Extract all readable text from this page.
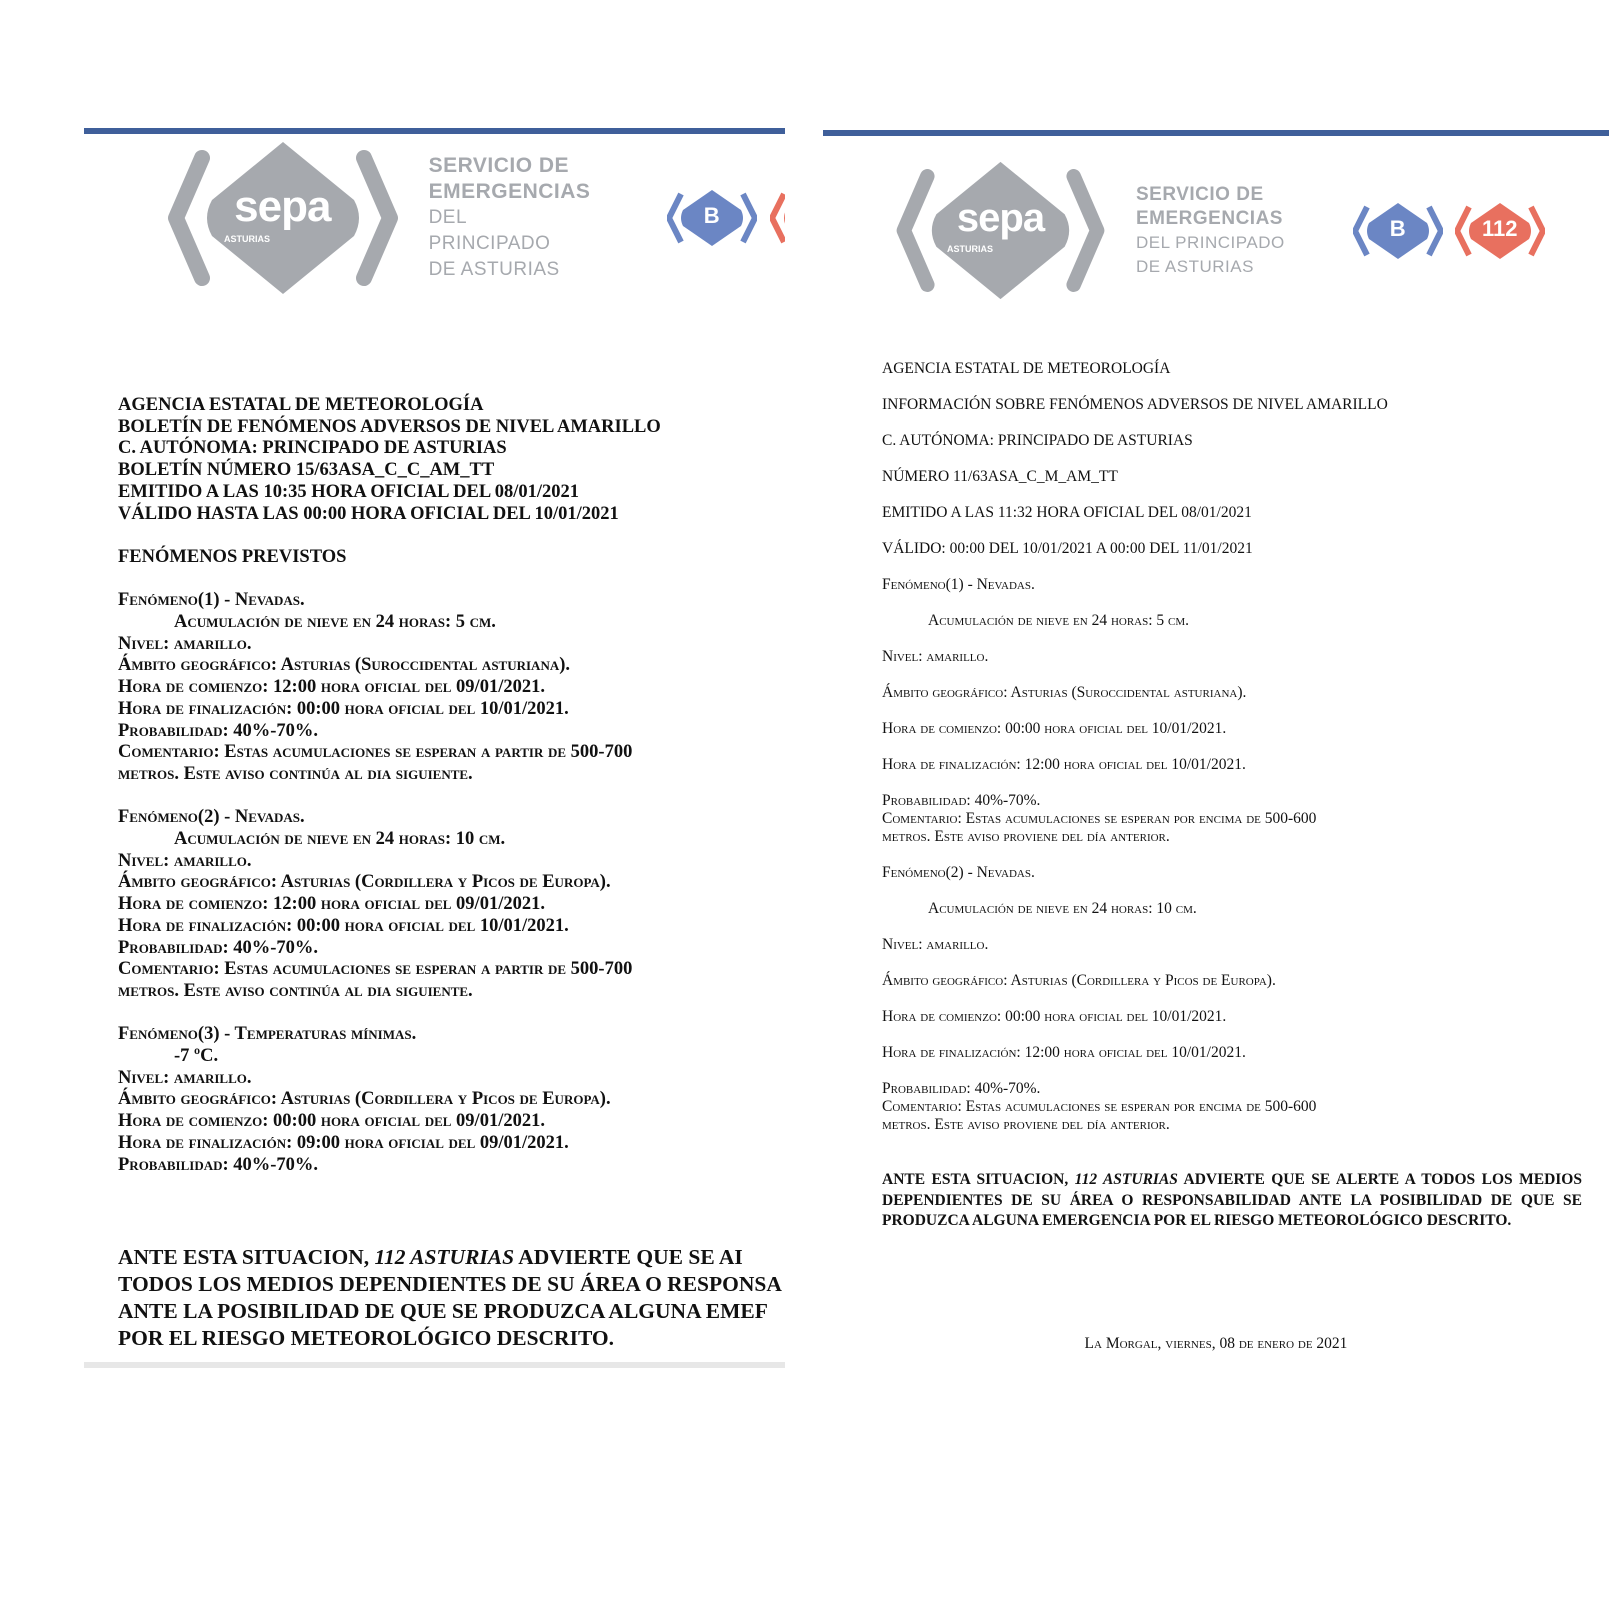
sepa
ASTURIAS
SERVICIO DE
EMERGENCIAS
DEL PRINCIPADO
DE ASTURIAS
B

AGENCIA ESTATAL DE METEOROLOGÍA

BOLETÍN DE FENÓMENOS ADVERSOS DE NIVEL AMARILLO

C. AUTÓNOMA: PRINCIPADO DE ASTURIAS

BOLETÍN NÚMERO 15/63ASA_C_C_AM_TT

EMITIDO A LAS 10:35 HORA OFICIAL DEL 08/01/2021

VÁLIDO HASTA LAS 00:00 HORA OFICIAL DEL 10/01/2021

FENÓMENOS PREVISTOS

Fenómeno(1) - Nevadas.

Acumulación de nieve en 24 horas: 5 cm.

Nivel: amarillo.

Ámbito geográfico: Asturias (Suroccidental asturiana).

Hora de comienzo: 12:00 hora oficial del 09/01/2021.

Hora de finalización: 00:00 hora oficial del 10/01/2021.

Probabilidad: 40%-70%.

Comentario: Estas acumulaciones se esperan a partir de 500-700

metros. Este aviso continúa al dia siguiente.

Fenómeno(2) - Nevadas.

Acumulación de nieve en 24 horas: 10 cm.

Nivel: amarillo.

Ámbito geográfico: Asturias (Cordillera y Picos de Europa).

Hora de comienzo: 12:00 hora oficial del 09/01/2021.

Hora de finalización: 00:00 hora oficial del 10/01/2021.

Probabilidad: 40%-70%.

Comentario: Estas acumulaciones se esperan a partir de 500-700

metros. Este aviso continúa al dia siguiente.

Fenómeno(3) - Temperaturas mínimas.

-7 ºC.

Nivel: amarillo.

Ámbito geográfico: Asturias (Cordillera y Picos de Europa).

Hora de comienzo: 00:00 hora oficial del 09/01/2021.

Hora de finalización: 09:00 hora oficial del 09/01/2021.

Probabilidad: 40%-70%.

ANTE ESTA SITUACION, 112 ASTURIAS ADVIERTE QUE SE AI

TODOS LOS MEDIOS DEPENDIENTES DE SU ÁREA O RESPONSA

ANTE LA POSIBILIDAD DE QUE SE PRODUZCA ALGUNA EMEF

POR EL RIESGO METEOROLÓGICO DESCRITO.

sepa
ASTURIAS
SERVICIO DE
EMERGENCIAS
DEL PRINCIPADO
DE ASTURIAS
B	112

AGENCIA ESTATAL DE METEOROLOGÍA

INFORMACIÓN SOBRE FENÓMENOS ADVERSOS DE NIVEL AMARILLO

C. AUTÓNOMA: PRINCIPADO DE ASTURIAS

NÚMERO 11/63ASA_C_M_AM_TT

EMITIDO A LAS 11:32 HORA OFICIAL DEL 08/01/2021

VÁLIDO: 00:00 DEL 10/01/2021 A 00:00 DEL 11/01/2021

Fenómeno(1) - Nevadas.

Acumulación de nieve en 24 horas: 5 cm.

Nivel: amarillo.

Ámbito geográfico: Asturias (Suroccidental asturiana).

Hora de comienzo: 00:00 hora oficial del 10/01/2021.

Hora de finalización: 12:00 hora oficial del 10/01/2021.

Probabilidad: 40%-70%.

Comentario: Estas acumulaciones se esperan por encima de 500-600

metros. Este aviso proviene del día anterior.

Fenómeno(2) - Nevadas.

Acumulación de nieve en 24 horas: 10 cm.

Nivel: amarillo.

Ámbito geográfico: Asturias (Cordillera y Picos de Europa).

Hora de comienzo: 00:00 hora oficial del 10/01/2021.

Hora de finalización: 12:00 hora oficial del 10/01/2021.

Probabilidad: 40%-70%.

Comentario: Estas acumulaciones se esperan por encima de 500-600

metros. Este aviso proviene del día anterior.

ANTE ESTA SITUACION, 112 ASTURIAS ADVIERTE QUE SE ALERTE A TODOS LOS MEDIOS DEPENDIENTES DE SU ÁREA O RESPONSABILIDAD ANTE LA POSIBILIDAD DE QUE SE PRODUZCA ALGUNA EMERGENCIA POR EL RIESGO METEOROLÓGICO DESCRITO.
La Morgal, viernes, 08 de enero de 2021
